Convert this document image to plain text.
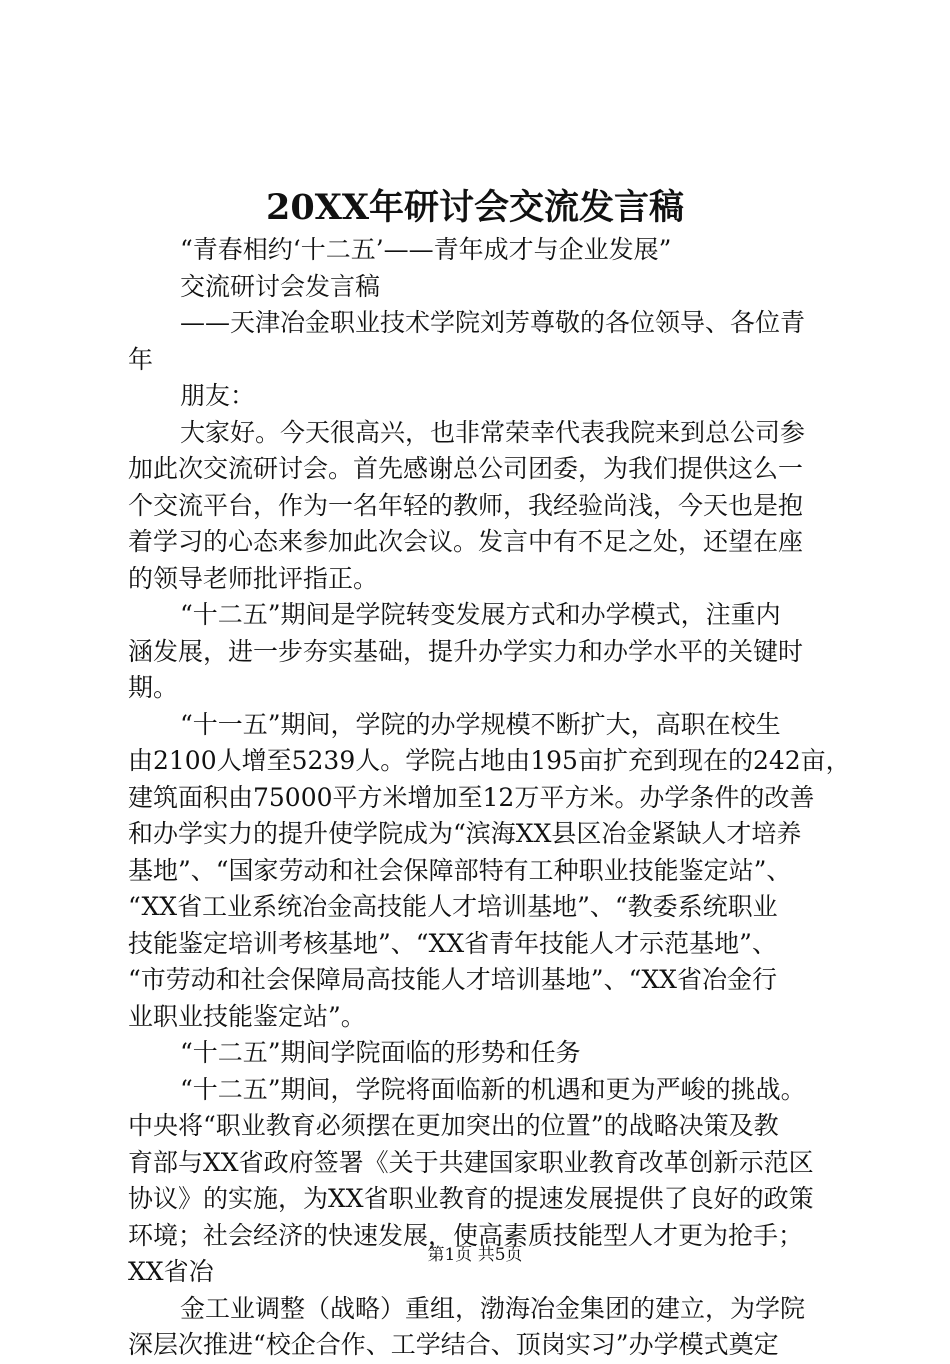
20XX年研讨会交流发言稿
“青春相约‘十二五’——青年成才与企业发展”
交流研讨会发言稿
——天津冶金职业技术学院刘芳尊敬的各位领导、各位青
年
朋友：
大家好。今天很高兴，也非常荣幸代表我院来到总公司参
加此次交流研讨会。首先感谢总公司团委，为我们提供这么一
个交流平台，作为一名年轻的教师，我经验尚浅，今天也是抱
着学习的心态来参加此次会议。发言中有不足之处，还望在座
的领导老师批评指正。
“十二五”期间是学院转变发展方式和办学模式，注重内
涵发展，进一步夯实基础，提升办学实力和办学水平的关键时
期。
“十一五”期间，学院的办学规模不断扩大，高职在校生
由2100人增至5239人。学院占地由195亩扩充到现在的242亩，
建筑面积由75000平方米增加至12万平方米。办学条件的改善
和办学实力的提升使学院成为“滨海XX县区冶金紧缺人才培养
基地”、“国家劳动和社会保障部特有工种职业技能鉴定站”、
“XX省工业系统冶金高技能人才培训基地”、“教委系统职业
技能鉴定培训考核基地”、“XX省青年技能人才示范基地”、
“市劳动和社会保障局高技能人才培训基地”、“XX省冶金行
业职业技能鉴定站”。
“十二五”期间学院面临的形势和任务
“十二五”期间，学院将面临新的机遇和更为严峻的挑战。
中央将“职业教育必须摆在更加突出的位置”的战略决策及教
育部与XX省政府签署《关于共建国家职业教育改革创新示范区
协议》的实施，为XX省职业教育的提速发展提供了良好的政策
环境；社会经济的快速发展，使高素质技能型人才更为抢手；
XX省冶
金工业调整（战略）重组，渤海冶金集团的建立，为学院
深层次推进“校企合作、工学结合、顶岗实习”办学模式奠定
第1页 共5页
